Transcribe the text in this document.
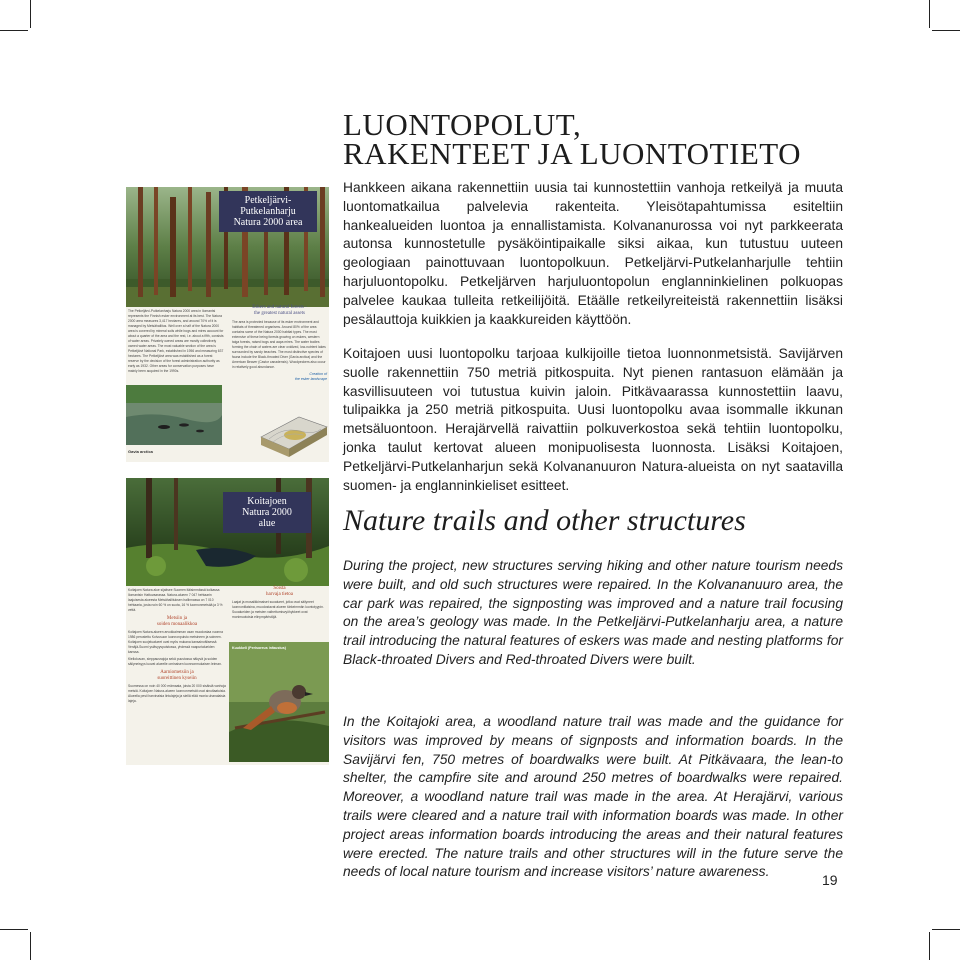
Petkeljärvi-
Putkelanharju
Natura 2000 area
The Petkeljärvi-Putkelanharju Natura 2000 area in Ilomantsi represents the Finnish esker environment at its best. The Natura 2000 area measures 3,417 hectares, and around 70% of it is managed by Metsähallitus. Well over a half of the Natura 2000 area is covered by mineral soils while bogs and mires account for about a quarter of the area and the rest, i.e. about a fifth, consists of water areas. Privately owned areas are mostly collectively owned water areas. The most valuable section of the area is Petkeljärvi National Park, established in 1956 and measuring 637 hectares. The Petkeljärvi area was established as a forest reserve by the decision of the forest administration authority as early as 1932. Other areas for conservation purposes have mainly been acquired in the 1990s.
Eskers and natural forests -
the greatest natural assets
The area is protected because of its esker environment and habitats of threatened organisms. Around 80% of the area contains some of the Natura 2000 habitat types. The most extensive of these being forests growing on eskers, western taiga forests, raised bogs and aapa mires. The water bodies forming the chain of waters are clear oxidized, low-nutrient lakes surrounded by sandy beaches. The most distinctive species of fauna include the Black-throated Diver (Gavia arctica) and the American Beaver (Castor canadensis). Woodpeckers also occur in relatively good abundance.
Creation of
the esker landscape
Gavia arctica
Koitajoen
Natura 2000 alue
Koitajoen Natura alue sijaitsee Suomen itäisimmässä kolkassa Ilomantsin Hattuvaarassa. Natura-alueen 7 047 hehtaarin laajuisesta alueesta Metsähallituksen hallinnassa on 7 010 hehtaaria, josta noin 60 % on suota, 16 % luonnonmetsää ja 3 % vettä.
Metsiin ja
soiden monaalikkoa
Koitajoen Natura-alueen arvokkaimman osan muodostaa vuonna 1986 perustettu Koivusuon luonnonpuisto metsineen ja soineen. Koitajoen suojelualueet ovat myös mukana kansainvälisessä Venäjä-Suomi ystävyyspuistossa, yhdessä naapurialueiden kanssa.
Kiellokuvan, sieppausrajoja sekä puustossa näkyvä ja soiden säilyneisyys luovat alueelle ominaisen luonnonmukaisen leiman.
Aarniometsiin ja
suoreittinen kyseiin
Suomessa on noin 40 000 erämaata, joista 20 000 sisäisiä vanhoja metsiä. Koitajoen Natura-alueen luonnonmetsät ovat ainutlaatuisia. Alueella pesii harvinaisia lintulajeja ja siellä elää monia uhanalaisia lajeja.
Soista
harvaja tietoa
Laajat ja mosaiikkimaiset suoalueet, jotka ovat säilyneet luonnontilaisina, muodostavat alueen tärkeimmän luontotyypin. Suoalueiden ja metsien vaihettumisvyöhykkeet ovat monimuotoisia elinympäristöjä.
Kuukkeli (Perisoreus infaustus)
LUONTOPOLUT,
RAKENTEET JA LUONTOTIETO
Hankkeen aikana rakennettiin uusia tai kunnostettiin vanhoja retkeilyä ja muuta luontomatkailua palvelevia rakenteita. Yleisötapahtumissa esiteltiin hankealueiden luontoa ja ennallistamista. Kolvananurossa voi nyt parkkeerata autonsa kunnostetulle pysäköintipaikalle siksi aikaa, kun tutustuu uuteen geologiaan painottuvaan luontopolkuun. Petkeljärvi-Putkelanharjulle tehtiin harjuluontopolku. Petkeljärven harjuluontopolun englanninkielinen polkuopas palvelee kaukaa tulleita retkeilijöitä. Etäälle retkeilyreiteistä rakennettiin lisäksi pesälauttoja kuikkien ja kaakkureiden käyttöön.
Koitajoen uusi luontopolku tarjoaa kulkijoille tietoa luonnonmetsistä. Savijärven suolle rakennettiin 750 metriä pitkospuita. Nyt pienen rantasuon elämään ja kasvillisuuteen voi tutustua kuivin jaloin. Pitkävaarassa kunnostettiin laavu, tulipaikka ja 250 metriä pitkospuita. Uusi luontopolku avaa isommalle ikkunan metsäluontoon. Herajärvellä raivattiin polkuverkostoa sekä tehtiin luontopolku, jonka taulut kertovat alueen monipuolisesta luonnosta. Lisäksi Koitajoen, Petkeljärvi-Putkelanharjun sekä Kolvananuuron Natura-alueista on nyt saatavilla suomen- ja englanninkieliset esitteet.
Nature trails and other structures
During the project, new structures serving hiking and other nature tourism needs were built, and old such structures were repaired. In the Kolvananuuro area, the car park was repaired, the signposting was improved and a nature trail focusing on the area’s geology was made. In the Petkeljärvi-Putkelanharju area, a nature trail introducing the natural features of eskers was made and nesting platforms for Black-throated Divers and Red-throated Divers were built.
In the Koitajoki area, a woodland nature trail was made and the guidance for visitors was improved by means of signposts and information boards. In the Savijärvi fen, 750 metres of boardwalks were built. At Pitkävaara, the lean-to shelter, the campfire site and around 250 metres of boardwalks were repaired. Moreover, a woodland nature trail was made in the area. At Herajärvi, various trails were cleared and a nature trail with information boards was made. In other project areas information boards introducing the areas and their natural features were erected. The nature trails and other structures will in the future serve the needs of local nature tourism and increase visitors’ nature awareness.
19
